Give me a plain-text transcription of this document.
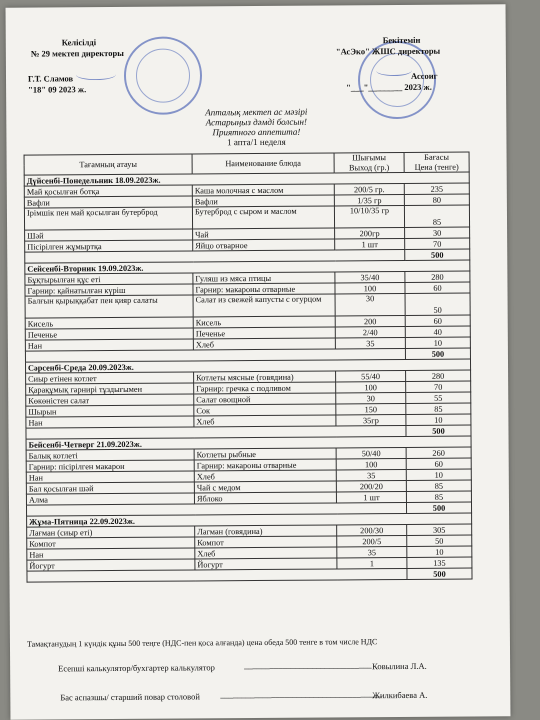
Келісілді
№ 29 мектеп директоры
Г.Т. Сламов
"18" 09 2023 ж.
Бекітемін
"АсЭко" ЖШС директоры
Ассоиг
"___"________ 2023 ж.
Апталық мектеп ас мәзірі
Астарыңыз дәмді болсын!
Приятного аппетита!
1 апта/1 неделя
Тағамның атауы	Наименование блюда	Шығымы	Бағасы
		Выход (гр.)	Цена (тенге)
Дүйсенбі-Понедельник 18.09.2023ж.			
Май қосылған ботқа	Каша молочная с маслом	200/5 гр.	235
Вафли	Вафли	1/35 гр	80
Ірімшік пен май қосылған бутерброд	Бутерброд с сыром и маслом	10/10/35 гр	85
Шәй	Чай	200гр	30
Пісірілген жұмыртқа	Яйцо отварное	1 шт	70
			500
Сейсенбі-Вторник 19.09.2023ж.			
Бұқтырылған құс еті	Гуляш из мяса птицы	35/40	280
Гарнир: қайнатылған күріш	Гарнир: макароны отварные	100	60
Балғын қырыққабат пен қияр салаты	Салат из свежей капусты с огурцом	30	50
Кисель	Кисель	200	60
Печенье	Печенье	2/40	40
Нан	Хлеб	35	10
			500
Сәрсенбі-Среда 20.09.2023ж.			
Сиыр етінен котлет	Котлеты мясные (говядина)	55/40	280
Қарақұмық гарнирі тұздығымен	Гарнир: гречка с подливом	100	70
Көкөністен салат	Салат овощной	30	55
Шырын	Сок	150	85
Нан	Хлеб	35гр	10
			500
Бейсенбі-Четверг 21.09.2023ж.			
Балық котлеті	Котлеты рыбные	50/40	260
Гарнир: пісірілген макарон	Гарнир: макароны отварные	100	60
Нан	Хлеб	35	10
Бал қосылған шәй	Чай с медом	200/20	85
Алма	Яблоко	1 шт	85
			500
Жұма-Пятница 22.09.2023ж.			
Лағман (сиыр еті)	Лагман (говядина)	200/30	305
Компот	Компот	200/5	50
Нан	Хлеб	35	10
Йогурт	Йогурт	1	135
			500
Тамақтанудың 1 күндік құны 500 теңге (НДС-пен қоса алғанда) цена обеда 500 тенге в том числе НДС
Есепші калькулятор/бухгартер калькулятор	______________________________ Ковылина Л.А.
Бас аспазшы/ старший повар столовой ______________________________________
Жилкибаева А.
